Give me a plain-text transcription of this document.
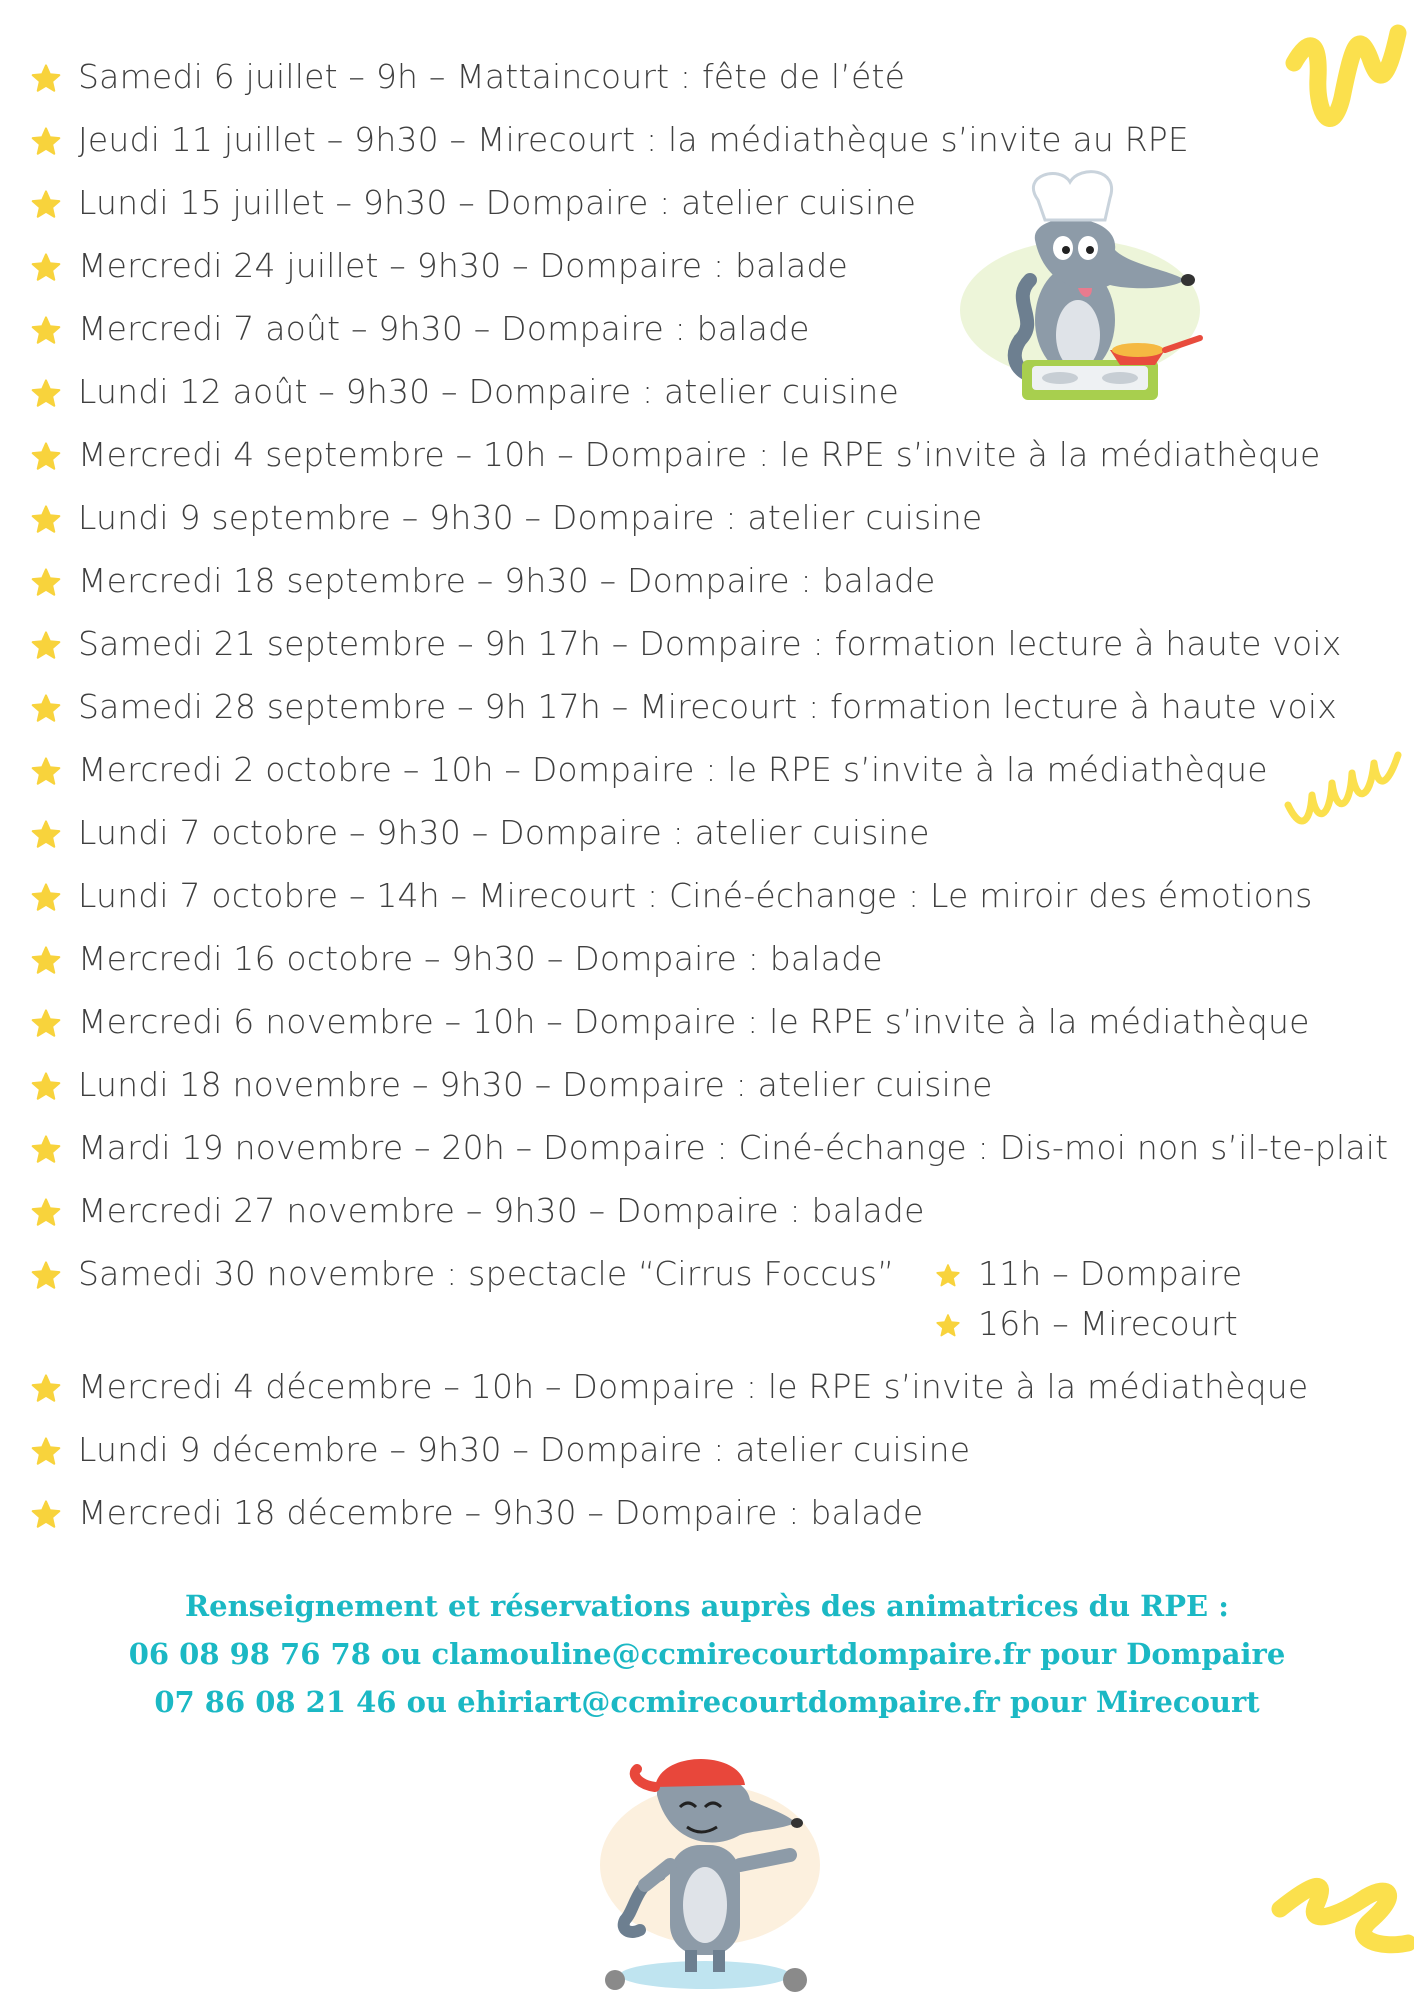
Samedi 6 juillet – 9h – Mattaincourt : fête de l’été
Jeudi 11 juillet – 9h30 – Mirecourt : la médiathèque s’invite au RPE
Lundi 15 juillet – 9h30 – Dompaire : atelier cuisine
Mercredi 24 juillet – 9h30 – Dompaire : balade
Mercredi 7 août – 9h30 – Dompaire : balade
Lundi 12 août – 9h30 – Dompaire : atelier cuisine
Mercredi 4 septembre – 10h – Dompaire : le RPE s’invite à la médiathèque
Lundi 9 septembre – 9h30 – Dompaire : atelier cuisine
Mercredi 18 septembre – 9h30 – Dompaire : balade
Samedi 21 septembre – 9h 17h – Dompaire : formation lecture à haute voix
Samedi 28 septembre – 9h 17h – Mirecourt : formation lecture à haute voix
Mercredi 2 octobre – 10h – Dompaire : le RPE s’invite à la médiathèque
Lundi 7 octobre – 9h30 – Dompaire : atelier cuisine
Lundi 7 octobre – 14h – Mirecourt : Ciné-échange : Le miroir des émotions
Mercredi 16 octobre – 9h30 – Dompaire : balade
Mercredi 6 novembre – 10h – Dompaire : le RPE s’invite à la médiathèque
Lundi 18 novembre – 9h30 – Dompaire : atelier cuisine
Mardi 19 novembre – 20h – Dompaire : Ciné-échange : Dis-moi non s’il-te-plait
Mercredi 27 novembre – 9h30 – Dompaire : balade
Samedi 30 novembre : spectacle “Cirrus Foccus”	11h – Dompaire
16h – Mirecourt
Mercredi 4 décembre – 10h – Dompaire : le RPE s’invite à la médiathèque
Lundi 9 décembre – 9h30 – Dompaire : atelier cuisine
Mercredi 18 décembre – 9h30 – Dompaire : balade
Renseignement et réservations auprès des animatrices du RPE :
06 08 98 76 78 ou clamouline@ccmirecourtdompaire.fr pour Dompaire
07 86 08 21 46 ou ehiriart@ccmirecourtdompaire.fr pour Mirecourt
